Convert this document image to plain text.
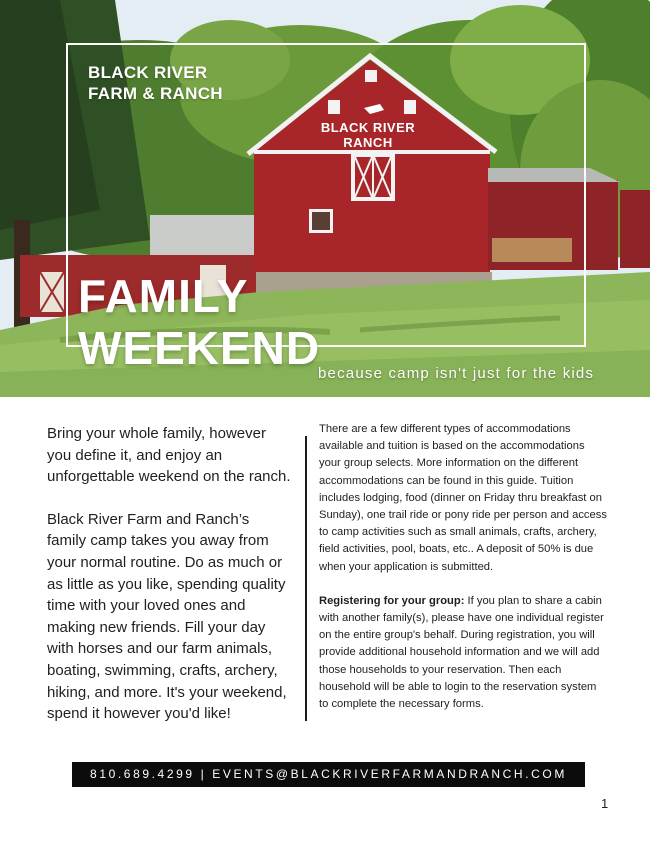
BLACK RIVER
RANCH
BLACK RIVER
FARM & RANCH
FAMILY
WEEKEND
because camp isn't just for the kids

Bring your whole family, however you define it, and enjoy an unforgettable weekend on the ranch.

Black River Farm and Ranch’s family camp takes you away from your normal routine. Do as much or as little as you like, spending quality time with your loved ones and making new friends. Fill your day with horses and our farm animals, boating, swimming, crafts, archery, hiking, and more. It's your weekend, spend it however you'd like!

There are a few different types of accommodations available and tuition is based on the accommodations your group selects. More information on the different accommodations can be found in this guide. Tuition includes lodging, food (dinner on Friday thru breakfast on Sunday), one trail ride or pony ride per person and access to camp activities such as small animals, crafts, archery, field activities, pool, boats, etc.. A deposit of 50% is due when your application is submitted.

Registering for your group: If you plan to share a cabin with another family(s), please have one individual register on the entire group's behalf. During registration, you will provide additional household information and we will add those households to your reservation. Then each household will be able to login to the reservation system to complete the necessary forms.

810.689.4299 | EVENTS@BLACKRIVERFARMANDRANCH.COM
1
